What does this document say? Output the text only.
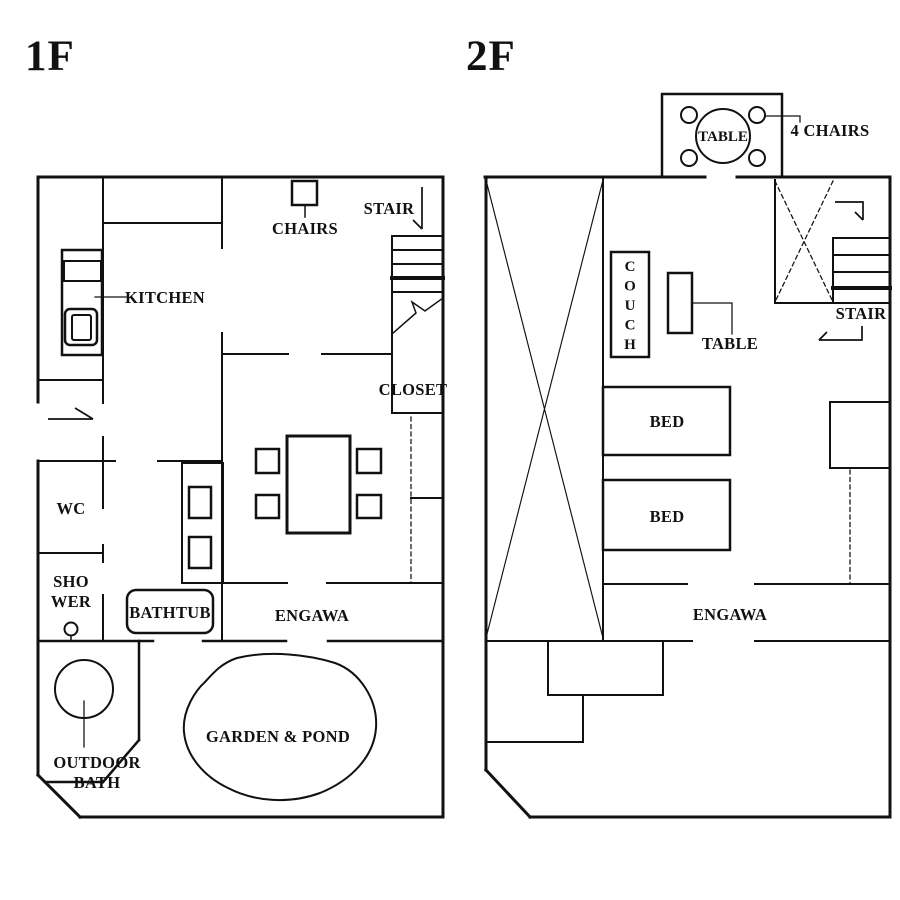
1F
CHAIRS
STAIR
KITCHEN
CLOSET
WC
SHO
WER
BATHTUB	ENGAWA
OUTDOOR
BATH
GARDEN & POND
2F
TABLE	4 CHAIRS
C O U C H	TABLE
BED
BED
STAIR
ENGAWA
